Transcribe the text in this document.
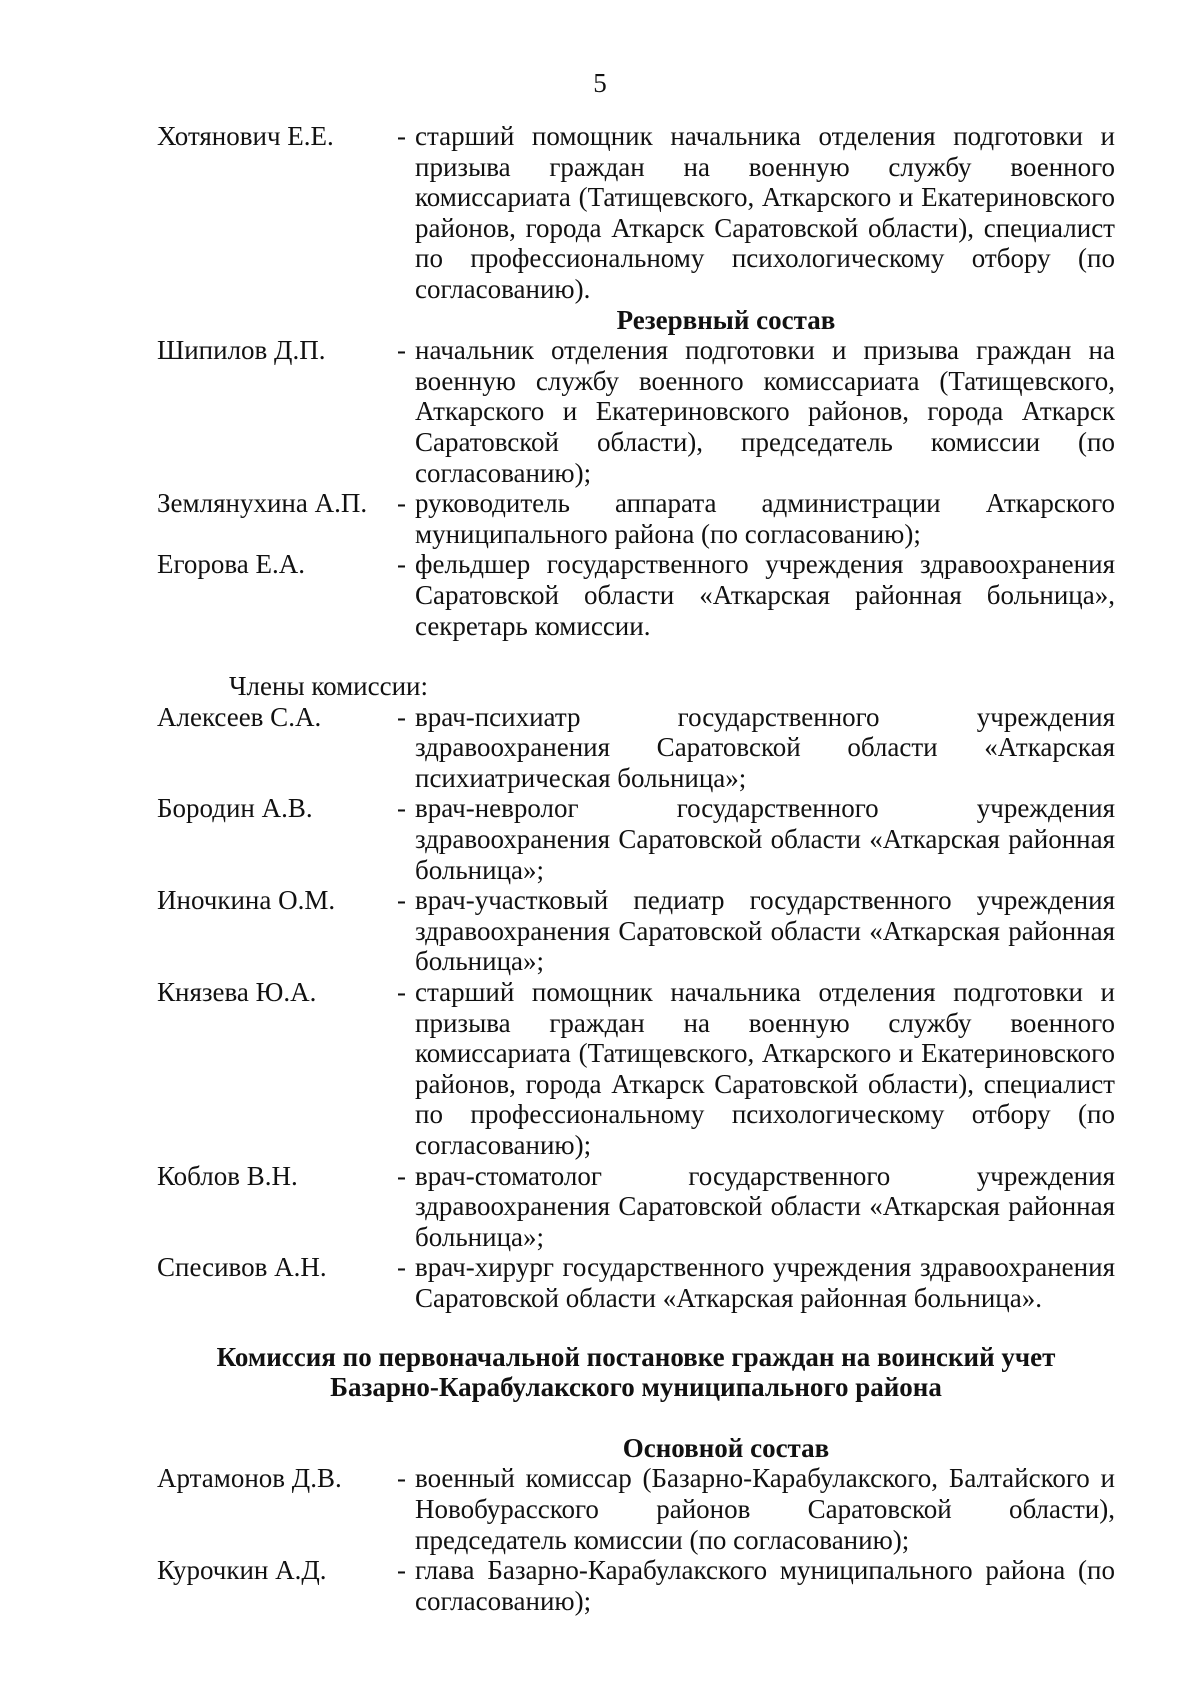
5
Хотянович Е.Е.	- старший помощник начальника отделения подготовки и призыва граждан на военную службу военного комиссариата (Татищевского, Аткарского и Екатериновского районов, города Аткарск Саратовской области), специалист по профессиональному психологическому отбору (по согласованию).
Резервный состав
Шипилов Д.П.	- начальник отделения подготовки и призыва граждан на военную службу военного комиссариата (Татищевского, Аткарского и Екатериновского районов, города Аткарск Саратовской области), председатель комиссии (по согласованию);
Землянухина А.П.	- руководитель аппарата администрации Аткарского муниципального района (по согласованию);
Егорова Е.А.	- фельдшер государственного учреждения здравоохранения Саратовской области «Аткарская районная больница», секретарь комиссии.
Члены комиссии:
Алексеев С.А.	- врач-психиатр государственного учреждения здравоохранения Саратовской области «Аткарская психиатрическая больница»;
Бородин А.В.	- врач-невролог государственного учреждения здравоохранения Саратовской области «Аткарская районная больница»;
Иночкина О.М.	- врач-участковый педиатр государственного учреждения здравоохранения Саратовской области «Аткарская районная больница»;
Князева Ю.А.	- старший помощник начальника отделения подготовки и призыва граждан на военную службу военного комиссариата (Татищевского, Аткарского и Екатериновского районов, города Аткарск Саратовской области), специалист по профессиональному психологическому отбору (по согласованию);
Коблов В.Н.	- врач-стоматолог государственного учреждения здравоохранения Саратовской области «Аткарская районная больница»;
Спесивов А.Н.	- врач-хирург государственного учреждения здравоохранения Саратовской области «Аткарская районная больница».
Комиссия по первоначальной постановке граждан на воинский учет
Базарно-Карабулакского муниципального района
Основной состав
Артамонов Д.В.	- военный комиссар (Базарно-Карабулакского, Балтайского и Новобурасского районов Саратовской области), председатель комиссии (по согласованию);
Курочкин А.Д.	- глава Базарно-Карабулакского муниципального района (по согласованию);
